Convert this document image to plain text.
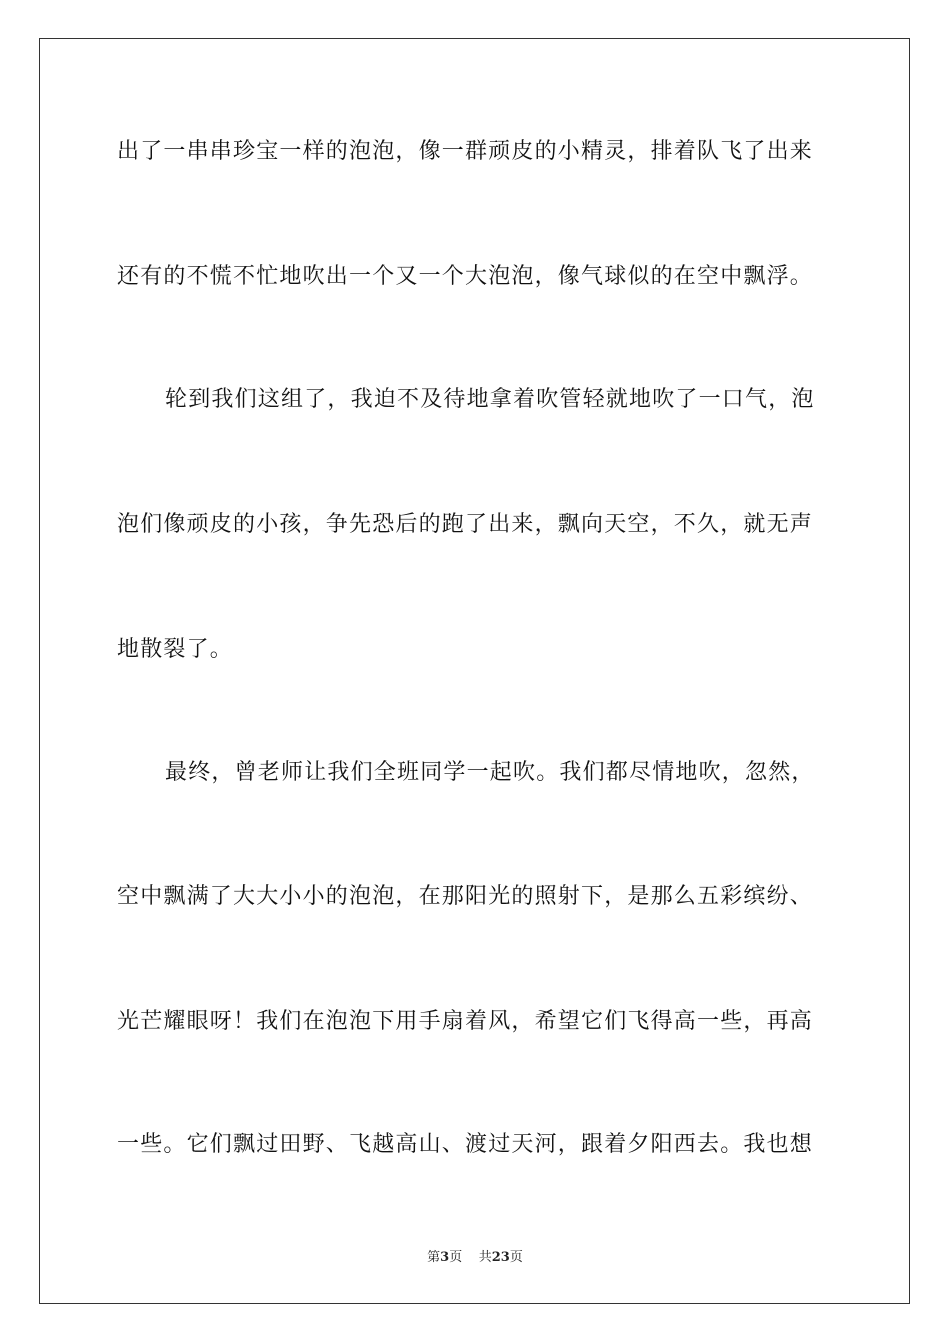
出了一串串珍宝一样的泡泡，像一群顽皮的小精灵，排着队飞了出来
还有的不慌不忙地吹出一个又一个大泡泡，像气球似的在空中飘浮。
轮到我们这组了，我迫不及待地拿着吹管轻就地吹了一口气，泡
泡们像顽皮的小孩，争先恐后的跑了出来，飘向天空，不久，就无声
地散裂了。
最终，曾老师让我们全班同学一起吹。我们都尽情地吹，忽然，
空中飘满了大大小小的泡泡，在那阳光的照射下，是那么五彩缤纷、
光芒耀眼呀！我们在泡泡下用手扇着风，希望它们飞得高一些，再高
一些。它们飘过田野、飞越高山、渡过天河，跟着夕阳西去。我也想
第3页 共23页
